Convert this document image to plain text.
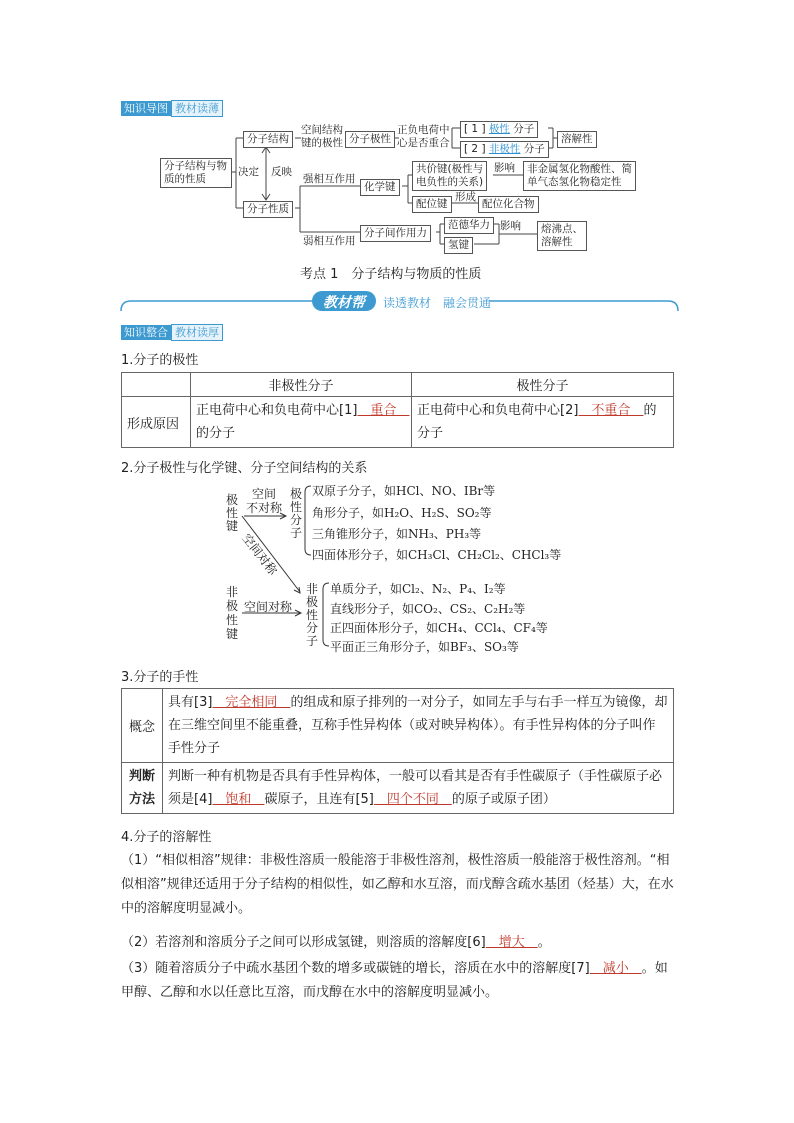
知识导图 教材读薄
分子结构与物质的性质
分子结构
分子性质
决定 反映
空间结构
键的极性 分子极性
正负电荷中
心是否重合
[ 1 ] 极性 分子
[ 2 ] 非极性 分子
溶解性
强相互作用
化学键
共价键(极性与
电负性的关系)
影响	非金属氢化物酸性、简
单气态氢化物稳定性
配位键
形成
配位化合物
弱相互作用
分子间作用力
范德华力
氢键
影响	熔沸点、
溶解性
考点 1　分子结构与物质的性质
教材帮	读透教材　融会贯通
知识整合 教材读厚
1.分子的极性
	非极性分子	极性分子
形成原因	正电荷中心和负电荷中心[1]　重合　的分子	正电荷中心和负电荷中心[2]　不重合　的分子
2.分子极性与化学键、分子空间结构的关系
极
性
键
空间
不对称
极
性
分
子
空间对称
非
极
性
键
空间对称
非
极
性
分
子
双原子分子，如HCl、NO、IBr等
角形分子，如H₂O、H₂S、SO₂等
三角锥形分子，如NH₃、PH₃等
四面体形分子，如CH₃Cl、CH₂Cl₂、CHCl₃等
单质分子，如Cl₂、N₂、P₄、I₂等
直线形分子，如CO₂、CS₂、C₂H₂等
正四面体形分子，如CH₄、CCl₄、CF₄等
平面正三角形分子，如BF₃、SO₃等
3.分子的手性
概念	具有[3]　完全相同　的组成和原子排列的一对分子，如同左手与右手一样互为镜像，却在三维空间里不能重叠，互称手性异构体（或对映异构体）。有手性异构体的分子叫作手性分子
判断
方法	判断一种有机物是否具有手性异构体，一般可以看其是否有手性碳原子（手性碳原子必须是[4]　饱和　碳原子，且连有[5]　四个不同　的原子或原子团）
4.分子的溶解性
（1）“相似相溶”规律：非极性溶质一般能溶于非极性溶剂，极性溶质一般能溶于极性溶剂。“相似相溶”规律还适用于分子结构的相似性，如乙醇和水互溶，而戊醇含疏水基团（烃基）大，在水中的溶解度明显减小。
（2）若溶剂和溶质分子之间可以形成氢键，则溶质的溶解度[6]　增大　。
（3）随着溶质分子中疏水基团个数的增多或碳链的增长，溶质在水中的溶解度[7]　减小　。如甲醇、乙醇和水以任意比互溶，而戊醇在水中的溶解度明显减小。
